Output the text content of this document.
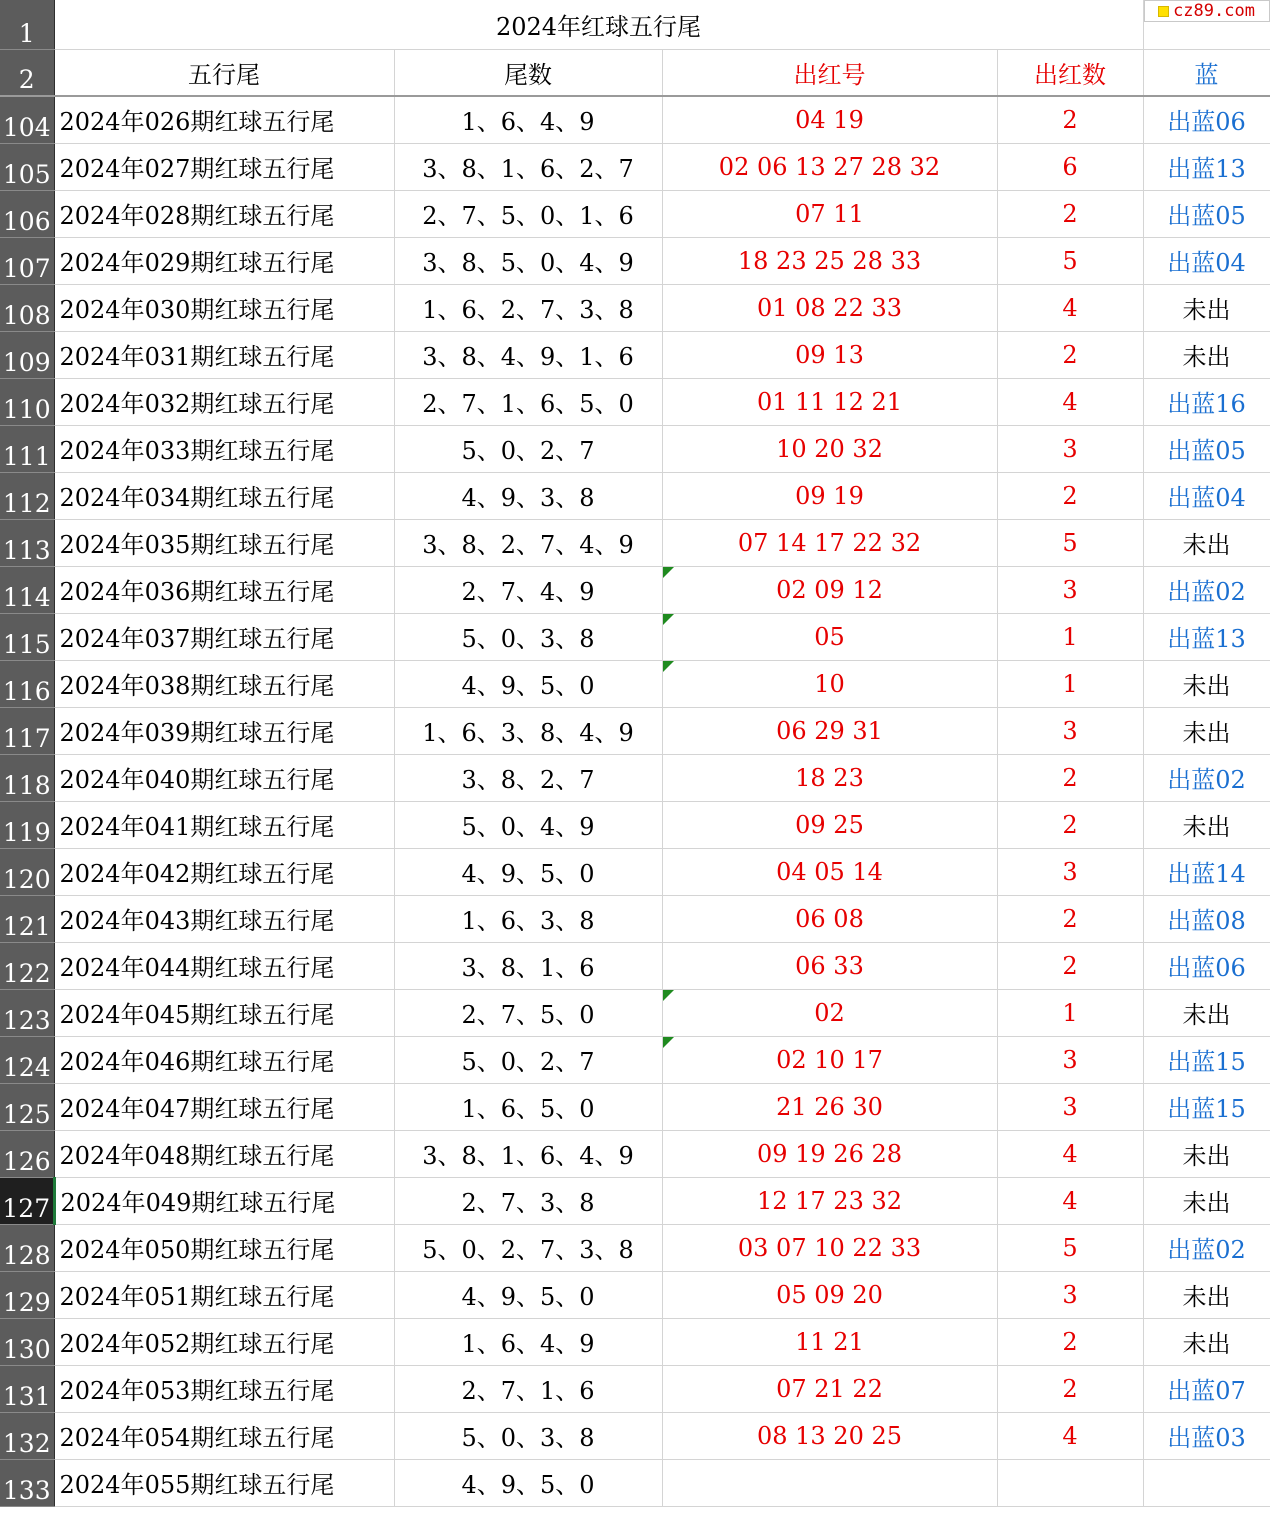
1	2024年红球五行尾				cz89.com

2	五行尾	尾数	出红号	出红数	蓝
104	2024年026期红球五行尾	1、6、4、9	04 19	2	出蓝06
105	2024年027期红球五行尾	3、8、1、6、2、7	02 06 13 27 28 32	6	出蓝13
106	2024年028期红球五行尾	2、7、5、0、1、6	07 11	2	出蓝05
107	2024年029期红球五行尾	3、8、5、0、4、9	18 23 25 28 33	5	出蓝04
108	2024年030期红球五行尾	1、6、2、7、3、8	01 08 22 33	4	未出
109	2024年031期红球五行尾	3、8、4、9、1、6	09 13	2	未出
110	2024年032期红球五行尾	2、7、1、6、5、0	01 11 12 21	4	出蓝16
111	2024年033期红球五行尾	5、0、2、7	10 20 32	3	出蓝05
112	2024年034期红球五行尾	4、9、3、8	09 19	2	出蓝04
113	2024年035期红球五行尾	3、8、2、7、4、9	07 14 17 22 32	5	未出
114	2024年036期红球五行尾	2、7、4、9	02 09 12	3	出蓝02
115	2024年037期红球五行尾	5、0、3、8	05	1	出蓝13
116	2024年038期红球五行尾	4、9、5、0	10	1	未出
117	2024年039期红球五行尾	1、6、3、8、4、9	06 29 31	3	未出
118	2024年040期红球五行尾	3、8、2、7	18 23	2	出蓝02
119	2024年041期红球五行尾	5、0、4、9	09 25	2	未出
120	2024年042期红球五行尾	4、9、5、0	04 05 14	3	出蓝14
121	2024年043期红球五行尾	1、6、3、8	06 08	2	出蓝08
122	2024年044期红球五行尾	3、8、1、6	06 33	2	出蓝06
123	2024年045期红球五行尾	2、7、5、0	02	1	未出
124	2024年046期红球五行尾	5、0、2、7	02 10 17	3	出蓝15
125	2024年047期红球五行尾	1、6、5、0	21 26 30	3	出蓝15
126	2024年048期红球五行尾	3、8、1、6、4、9	09 19 26 28	4	未出
127	2024年049期红球五行尾	2、7、3、8	12 17 23 32	4	未出
128	2024年050期红球五行尾	5、0、2、7、3、8	03 07 10 22 33	5	出蓝02
129	2024年051期红球五行尾	4、9、5、0	05 09 20	3	未出
130	2024年052期红球五行尾	1、6、4、9	11 21	2	未出
131	2024年053期红球五行尾	2、7、1、6	07 21 22	2	出蓝07
132	2024年054期红球五行尾	5、0、3、8	08 13 20 25	4	出蓝03
133	2024年055期红球五行尾	4、9、5、0			
